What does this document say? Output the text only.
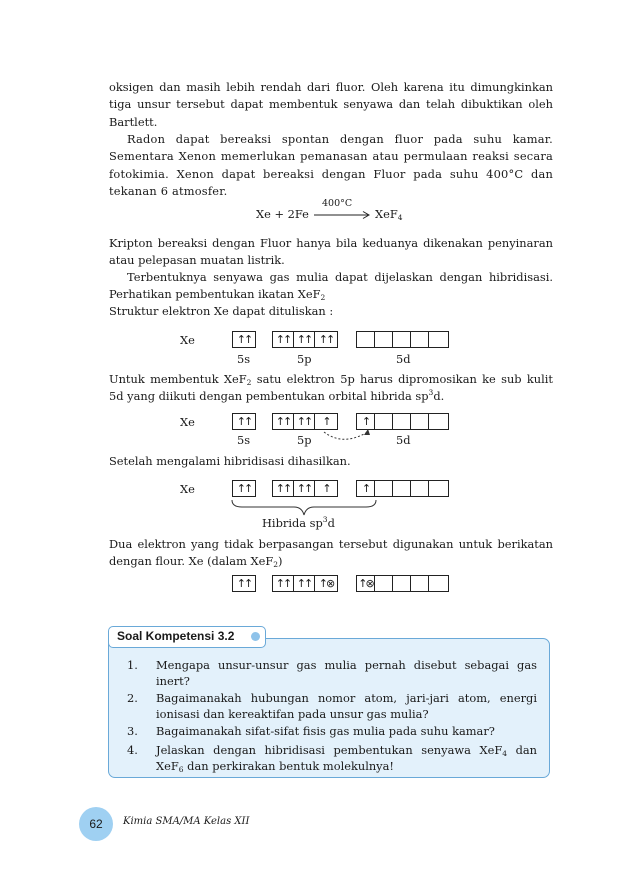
oksigen dan masih lebih rendah dari fluor. Oleh karena itu dimungkinkan tiga unsur tersebut dapat membentuk senyawa dan telah dibuktikan oleh Bartlett.

Radon dapat bereaksi spontan dengan fluor pada suhu kamar. Sementara Xenon memerlukan pemanasan atau permulaan reaksi secara fotokimia. Xenon dapat bereaksi dengan Fluor pada suhu 400°C dan tekanan 6 atmosfer.

Xe + 2Fe
400°C
→ XeF$_4$

Kripton bereaksi dengan Fluor hanya bila keduanya dikenakan penyinaran atau pelepasan muatan listrik.

Terbentuknya senyawa gas mulia dapat dijelaskan dengan hibridisasi. Perhatikan pembentukan ikatan XeF$_2$

Struktur elektron Xe dapat dituliskan :

Xe	↑↑	↑↑ ↑↑ ↑↑
5s	5p	5d

Untuk membentuk XeF$_2$ satu elektron 5p harus dipromosikan ke sub kulit 5d yang diikuti dengan pembentukan orbital hibrida $sp^3d$.

Xe	↑↑	↑↑ ↑↑	↑	↑
5s	5p	5d

Setelah mengalami hibridisasi dihasilkan.

Xe	↑↑	↑↑ ↑↑	↑	↑
Hibrida $sp^3d$

Dua elektron yang tidak berpasangan tersebut digunakan untuk berikatan dengan flour. Xe (dalam XeF$_2$)

↑↑	↑↑ ↑↑ ↑⊗	↑⊗
Soal Kompetensi 3.2
1. Mengapa unsur-unsur gas mulia pernah disebut sebagai gas inert?
2. Bagaimanakah hubungan nomor atom, jari-jari atom, energi ionisasi dan kereaktifan pada unsur gas mulia?
3. Bagaimanakah sifat-sifat fisis gas mulia pada suhu kamar?
4. Jelaskan dengan hibridisasi pembentukan senyawa XeF$_4$ dan XeF$_6$ dan perkirakan bentuk molekulnya!
62	Kimia SMA/MA Kelas XII
